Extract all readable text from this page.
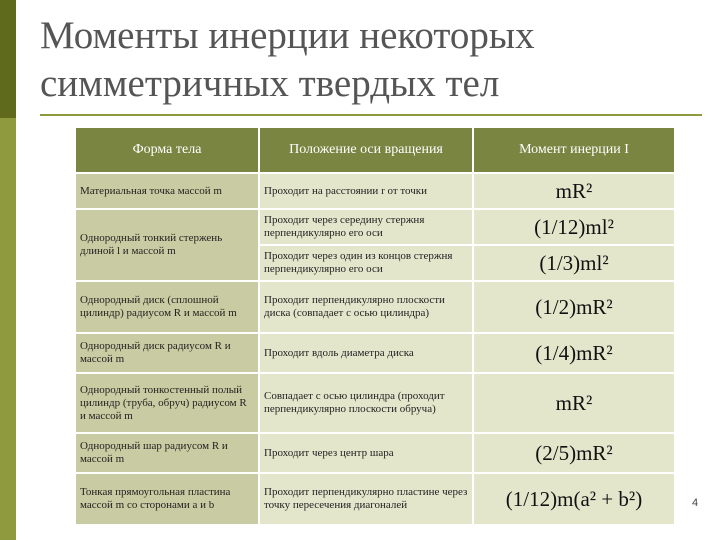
Моменты инерции некоторых симметричных твердых тел
Форма тела	Положение оси вращения	Момент инерции I
Материальная точка массой m	Проходит на расстоянии r от точки	mR²
Однородный тонкий стержень длиной l и массой m	Проходит через середину стержня перпендикулярно его оси	(1/12)ml²
	Проходит через один из концов стержня перпендикулярно его оси	(1/3)ml²
Однородный диск (сплошной цилиндр) радиусом R и массой m	Проходит перпендикулярно плоскости диска (совпадает с осью цилиндра)	(1/2)mR²
Однородный диск радиусом R и массой m	Проходит вдоль диаметра диска	(1/4)mR²
Однородный тонкостенный полый цилиндр (труба, обруч) радиусом R и массой m	Совпадает с осью цилиндра (проходит перпендикулярно плоскости обруча)	mR²
Однородный шар радиусом R и массой m	Проходит через центр шара	(2/5)mR²
Тонкая прямоугольная пластина массой m со сторонами a и b	Проходит перпендикулярно пластине через точку пересечения диагоналей	(1/12)m(a² + b²)	4
